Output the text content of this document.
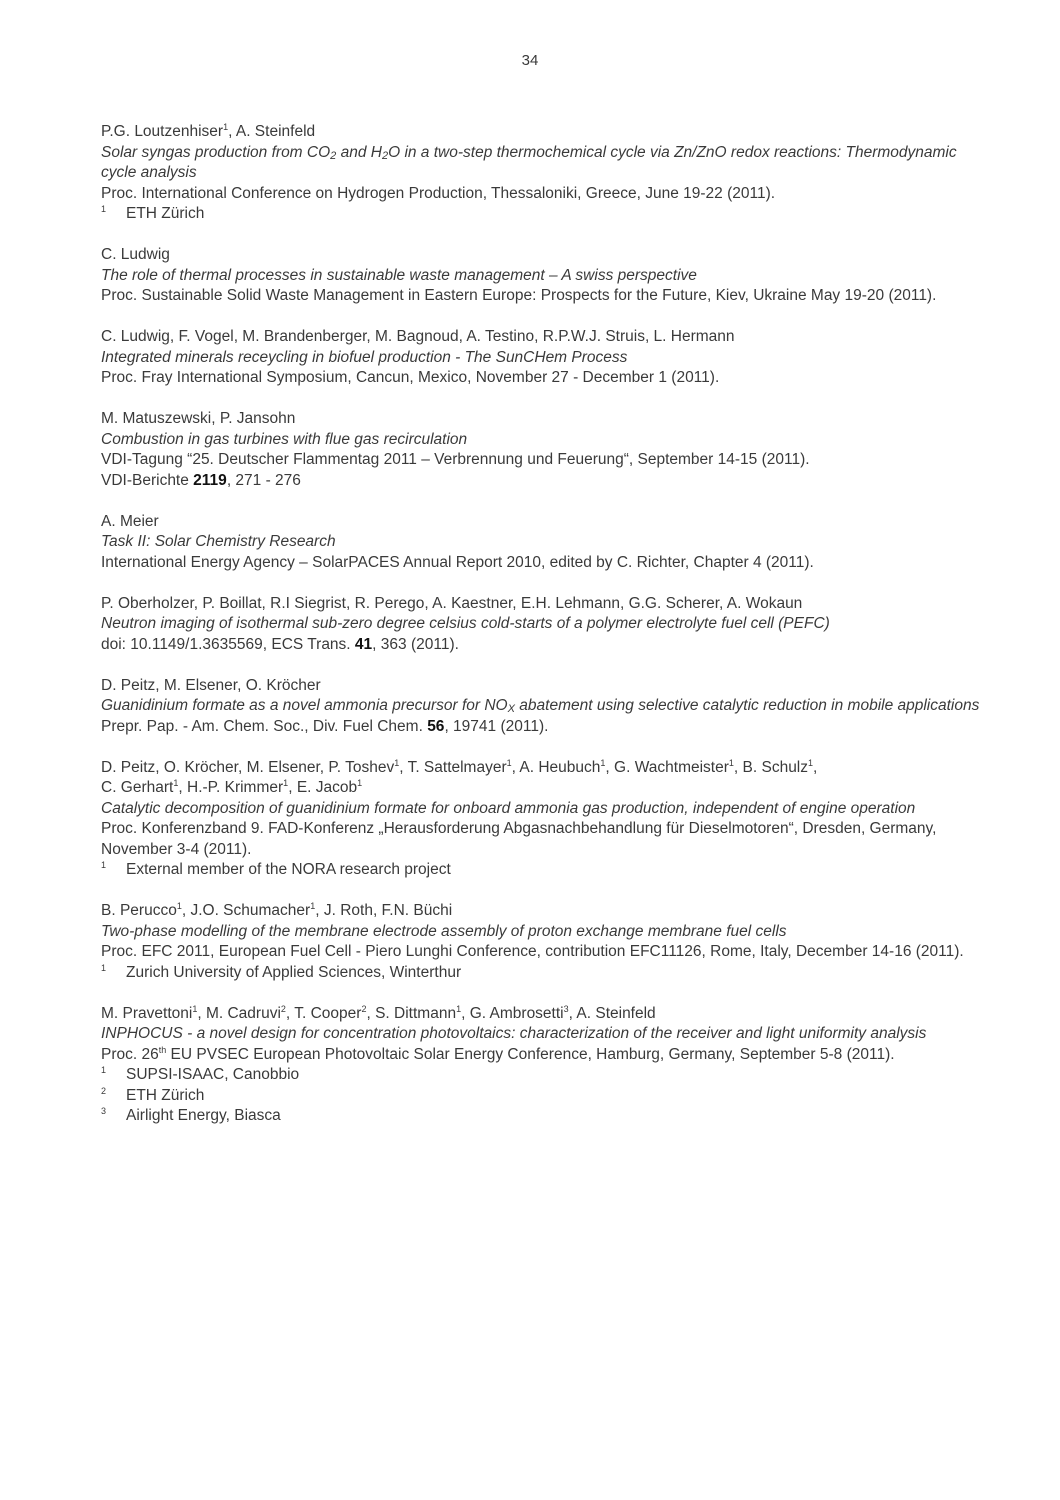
34
P.G. Loutzenhiser$^1$, A. Steinfeld
Solar syngas production from $CO_2$ and $H_2O$ in a two-step thermochemical cycle via Zn/ZnO redox reactions: Thermodynamic cycle analysis
Proc. International Conference on Hydrogen Production, Thessaloniki, Greece, June 19-22 (2011).
1 ETH Zürich
C. Ludwig
The role of thermal processes in sustainable waste management – A swiss perspective
Proc. Sustainable Solid Waste Management in Eastern Europe: Prospects for the Future, Kiev, Ukraine May 19-20 (2011).
C. Ludwig, F. Vogel, M. Brandenberger, M. Bagnoud, A. Testino, R.P.W.J. Struis, L. Hermann
Integrated minerals receycling in biofuel production - The SunCHem Process
Proc. Fray International Symposium, Cancun, Mexico, November 27 - December 1 (2011).
M. Matuszewski, P. Jansohn
Combustion in gas turbines with flue gas recirculation
VDI-Tagung “25. Deutscher Flammentag 2011 – Verbrennung und Feuerung“, September 14-15 (2011).
VDI-Berichte 2119, 271 - 276
A. Meier
Task II: Solar Chemistry Research
International Energy Agency – SolarPACES Annual Report 2010, edited by C. Richter, Chapter 4 (2011).
P. Oberholzer, P. Boillat, R.I Siegrist, R. Perego, A. Kaestner, E.H. Lehmann, G.G. Scherer, A. Wokaun
Neutron imaging of isothermal sub-zero degree celsius cold-starts of a polymer electrolyte fuel cell (PEFC)
doi: 10.1149/1.3635569, ECS Trans. 41, 363 (2011).
D. Peitz, M. Elsener, O. Kröcher
Guanidinium formate as a novel ammonia precursor for $NO_X$ abatement using selective catalytic reduction in mobile applications
Prepr. Pap. - Am. Chem. Soc., Div. Fuel Chem. 56, 19741 (2011).
D. Peitz, O. Kröcher, M. Elsener, P. Toshev$^1$, T. Sattelmayer$^1$, A. Heubuch$^1$, G. Wachtmeister$^1$, B. Schulz$^1$,
C. Gerhart$^1$, H.-P. Krimmer$^1$, E. Jacob$^1$
Catalytic decomposition of guanidinium formate for onboard ammonia gas production, independent of engine operation
Proc. Konferenzband 9. FAD-Konferenz „Herausforderung Abgasnachbehandlung für Dieselmotoren“, Dresden, Germany, November 3-4 (2011).
1 External member of the NORA research project
B. Perucco$^1$, J.O. Schumacher$^1$, J. Roth, F.N. Büchi
Two-phase modelling of the membrane electrode assembly of proton exchange membrane fuel cells
Proc. EFC 2011, European Fuel Cell - Piero Lunghi Conference, contribution EFC11126, Rome, Italy, December 14-16 (2011).
1 Zurich University of Applied Sciences, Winterthur
M. Pravettoni$^1$, M. Cadruvi$^2$, T. Cooper$^2$, S. Dittmann$^1$, G. Ambrosetti$^3$, A. Steinfeld
INPHOCUS - a novel design for concentration photovoltaics: characterization of the receiver and light uniformity analysis
Proc. 26th EU PVSEC European Photovoltaic Solar Energy Conference, Hamburg, Germany, September 5-8 (2011).
1 SUPSI-ISAAC, Canobbio
2 ETH Zürich
3 Airlight Energy, Biasca
